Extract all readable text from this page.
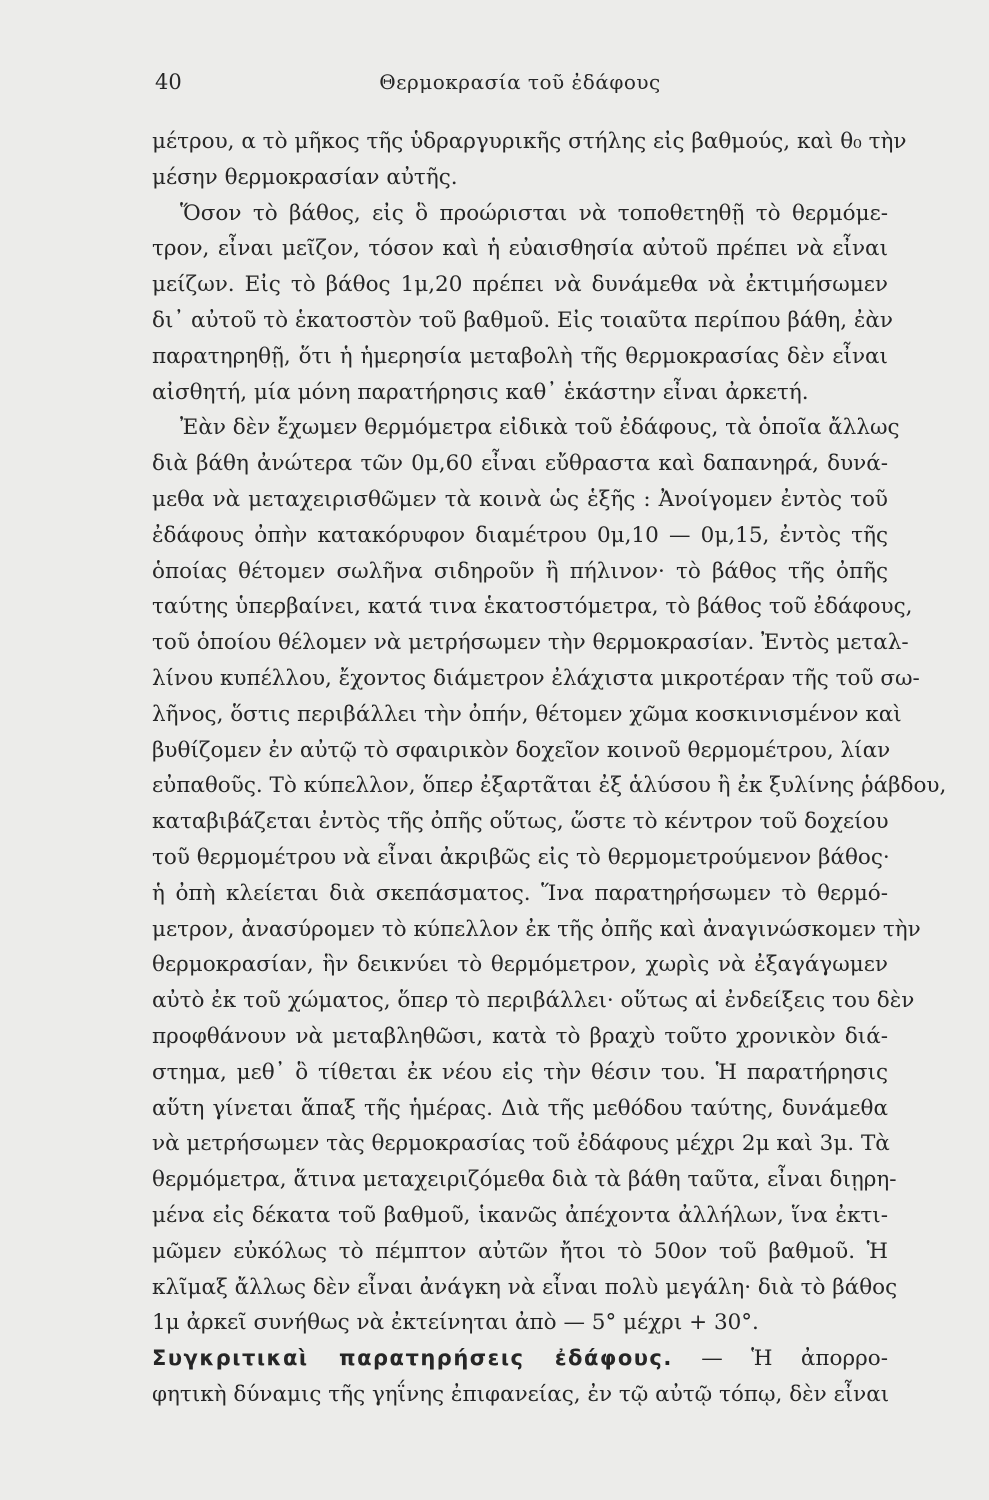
40	Θερμοκρασία τοῦ ἐδάφους
μέτρου, α τὸ μῆκος τῆς ὑδραργυρικῆς στήλης εἰς βαθμούς, καὶ θ₀ τὴν
μέσην θερμοκρασίαν αὐτῆς.
Ὅσον τὸ βάθος, εἰς ὃ προώρισται νὰ τοποθετηθῇ τὸ θερμόμε-
τρον, εἶναι μεῖζον, τόσον καὶ ἡ εὐαισθησία αὐτοῦ πρέπει νὰ εἶναι
μείζων. Εἰς τὸ βάθος 1μ,20 πρέπει νὰ δυνάμεθα νὰ ἐκτιμήσωμεν
δι᾽ αὐτοῦ τὸ ἑκατοστὸν τοῦ βαθμοῦ. Εἰς τοιαῦτα περίπου βάθη, ἐὰν
παρατηρηθῇ, ὅτι ἡ ἡμερησία μεταβολὴ τῆς θερμοκρασίας δὲν εἶναι
αἰσθητή, μία μόνη παρατήρησις καθ᾽ ἑκάστην εἶναι ἀρκετή.
Ἐὰν δὲν ἔχωμεν θερμόμετρα εἰδικὰ τοῦ ἐδάφους, τὰ ὁποῖα ἄλλως
διὰ βάθη ἀνώτερα τῶν 0μ,60 εἶναι εὔθραστα καὶ δαπανηρά, δυνά-
μεθα νὰ μεταχειρισθῶμεν τὰ κοινὰ ὡς ἑξῆς : Ἀνοίγομεν ἐντὸς τοῦ
ἐδάφους ὀπὴν κατακόρυφον διαμέτρου 0μ,10 — 0μ,15, ἐντὸς τῆς
ὁποίας θέτομεν σωλῆνα σιδηροῦν ἢ πήλινον· τὸ βάθος τῆς ὀπῆς
ταύτης ὑπερβαίνει, κατά τινα ἑκατοστόμετρα, τὸ βάθος τοῦ ἐδάφους,
τοῦ ὁποίου θέλομεν νὰ μετρήσωμεν τὴν θερμοκρασίαν. Ἐντὸς μεταλ-
λίνου κυπέλλου, ἔχοντος διάμετρον ἐλάχιστα μικροτέραν τῆς τοῦ σω-
λῆνος, ὅστις περιβάλλει τὴν ὀπήν, θέτομεν χῶμα κοσκινισμένον καὶ
βυθίζομεν ἐν αὐτῷ τὸ σφαιρικὸν δοχεῖον κοινοῦ θερμομέτρου, λίαν
εὐπαθοῦς. Τὸ κύπελλον, ὅπερ ἐξαρτᾶται ἐξ ἁλύσου ἢ ἐκ ξυλίνης ῥάβδου,
καταβιβάζεται ἐντὸς τῆς ὀπῆς οὕτως, ὥστε τὸ κέντρον τοῦ δοχείου
τοῦ θερμομέτρου νὰ εἶναι ἀκριβῶς εἰς τὸ θερμομετρούμενον βάθος·
ἡ ὀπὴ κλείεται διὰ σκεπάσματος. Ἵνα παρατηρήσωμεν τὸ θερμό-
μετρον, ἀνασύρομεν τὸ κύπελλον ἐκ τῆς ὀπῆς καὶ ἀναγινώσκομεν τὴν
θερμοκρασίαν, ἣν δεικνύει τὸ θερμόμετρον, χωρὶς νὰ ἐξαγάγωμεν
αὐτὸ ἐκ τοῦ χώματος, ὅπερ τὸ περιβάλλει· οὕτως αἱ ἐνδείξεις του δὲν
προφθάνουν νὰ μεταβληθῶσι, κατὰ τὸ βραχὺ τοῦτο χρονικὸν διά-
στημα, μεθ᾽ ὃ τίθεται ἐκ νέου εἰς τὴν θέσιν του. Ἡ παρατήρησις
αὕτη γίνεται ἅπαξ τῆς ἡμέρας. Διὰ τῆς μεθόδου ταύτης, δυνάμεθα
νὰ μετρήσωμεν τὰς θερμοκρασίας τοῦ ἐδάφους μέχρι 2μ καὶ 3μ. Τὰ
θερμόμετρα, ἅτινα μεταχειριζόμεθα διὰ τὰ βάθη ταῦτα, εἶναι διῃρη-
μένα εἰς δέκατα τοῦ βαθμοῦ, ἱκανῶς ἀπέχοντα ἀλλήλων, ἵνα ἐκτι-
μῶμεν εὐκόλως τὸ πέμπτον αὐτῶν ἤτοι τὸ 50ον τοῦ βαθμοῦ. Ἡ
κλῖμαξ ἄλλως δὲν εἶναι ἀνάγκη νὰ εἶναι πολὺ μεγάλη· διὰ τὸ βάθος
1μ ἀρκεῖ συνήθως νὰ ἐκτείνηται ἀπὸ — 5° μέχρι + 30°.
Συγκριτικαὶ παρατηρήσεις ἐδάφους. — Ἡ ἀπορρο-
φητικὴ δύναμις τῆς γηΐνης ἐπιφανείας, ἐν τῷ αὐτῷ τόπῳ, δὲν εἶναι
